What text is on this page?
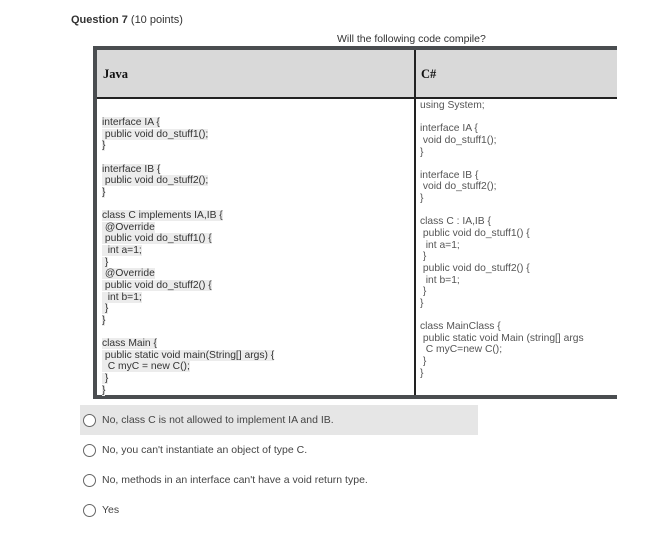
Question 7 (10 points)
Will the following code compile?
Java	C#
interface IA {
public void do_stuff1();
}
interface IB {
public void do_stuff2();
}
class C implements IA,IB {
@Override
public void do_stuff1() {
int a=1;
}
@Override
public void do_stuff2() {
int b=1;
}
}
class Main {
public static void main(String[] args) {
C myC = new C();
}
}
using System;
interface IA {
void do_stuff1();
}
interface IB {
void do_stuff2();
}
class C : IA,IB {
public void do_stuff1() {
int a=1;
}
public void do_stuff2() {
int b=1;
}
}
class MainClass {
public static void Main (string[] args
C myC=new C();
}
}
No, class C is not allowed to implement IA and IB.
No, you can't instantiate an object of type C.
No, methods in an interface can't have a void return type.
Yes
